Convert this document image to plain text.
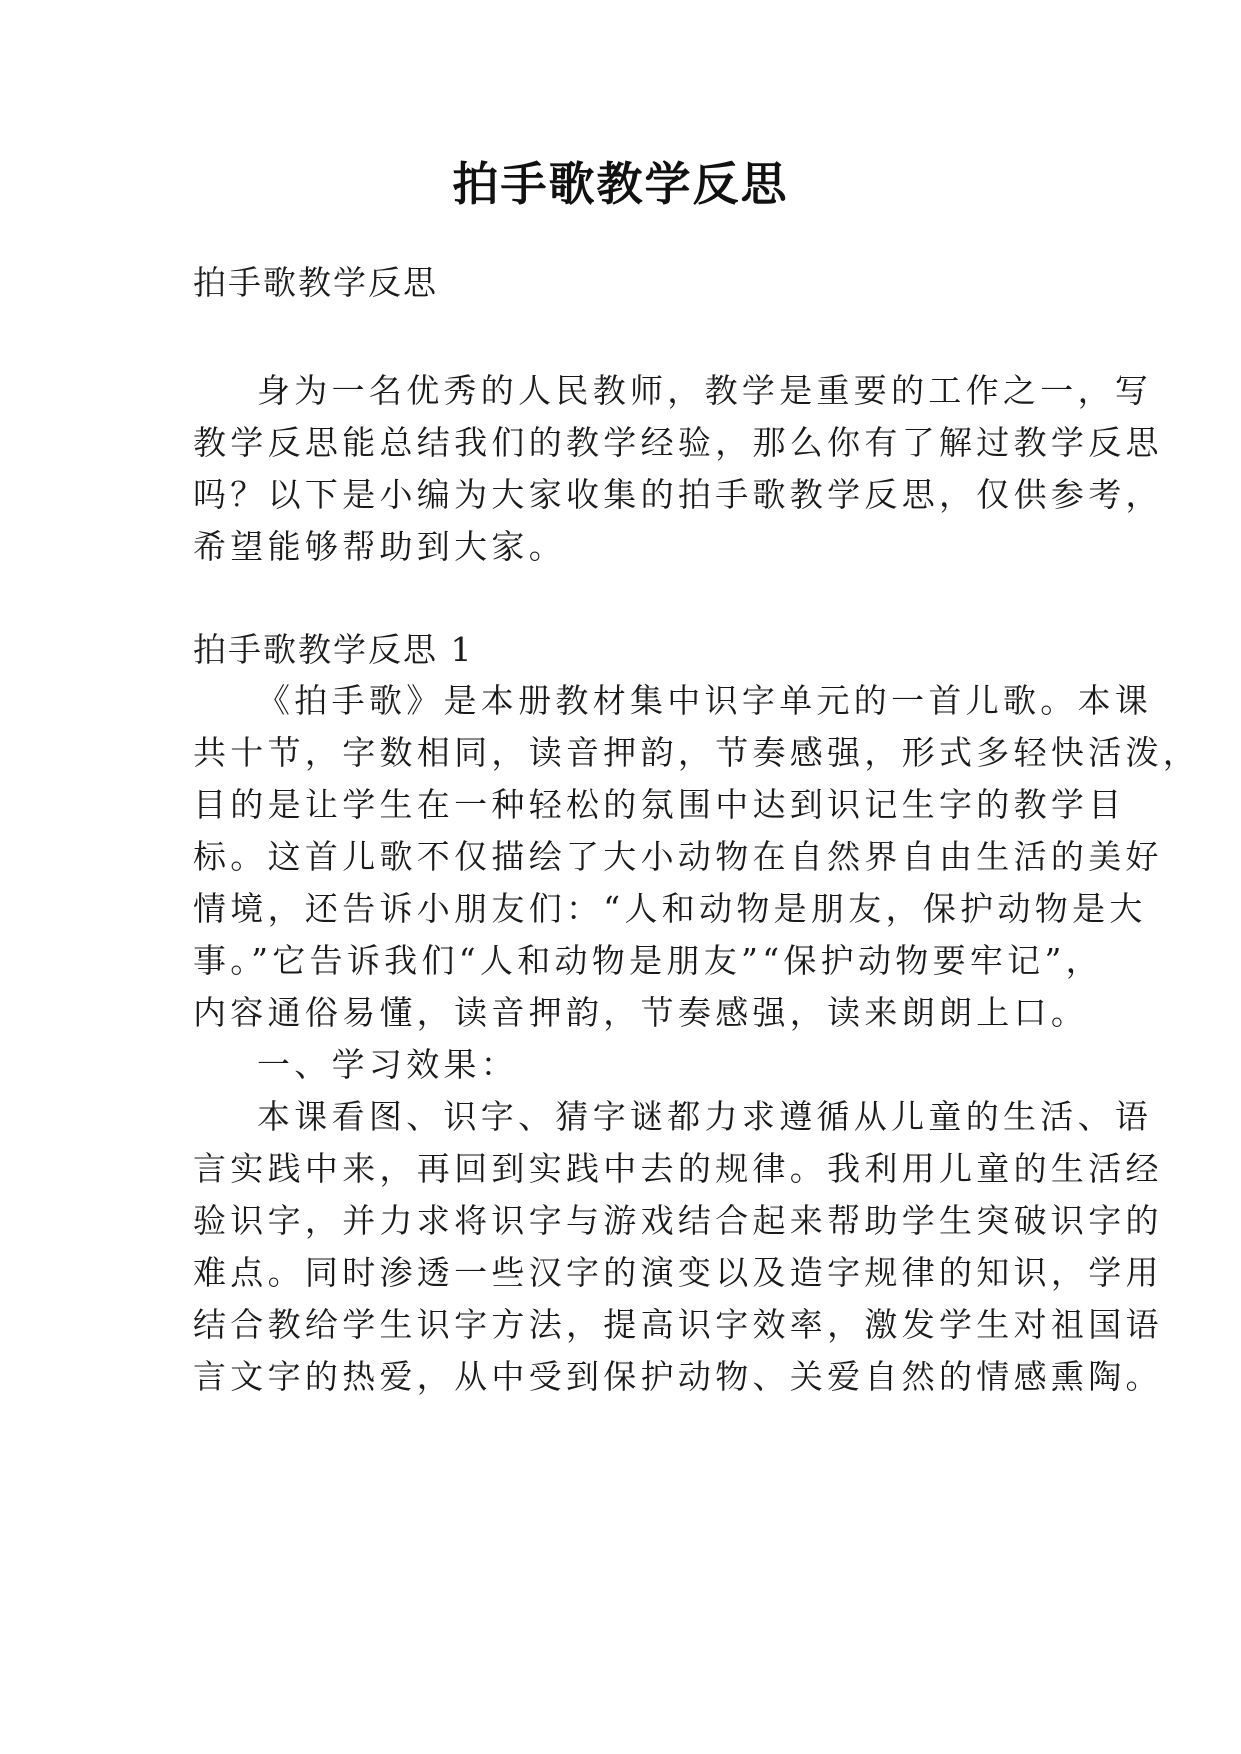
拍手歌教学反思

拍手歌教学反思

身为一名优秀的人民教师，教学是重要的工作之一，写

教学反思能总结我们的教学经验，那么你有了解过教学反思

吗？以下是小编为大家收集的拍手歌教学反思，仅供参考，

希望能够帮助到大家。

拍手歌教学反思 1

《拍手歌》是本册教材集中识字单元的一首儿歌。本课

共十节，字数相同，读音押韵，节奏感强，形式多轻快活泼，

目的是让学生在一种轻松的氛围中达到识记生字的教学目

标。这首儿歌不仅描绘了大小动物在自然界自由生活的美好

情境，还告诉小朋友们：“人和动物是朋友，保护动物是大

事。”它告诉我们“人和动物是朋友”“保护动物要牢记”，

内容通俗易懂，读音押韵，节奏感强，读来朗朗上口。

一、学习效果：

本课看图、识字、猜字谜都力求遵循从儿童的生活、语

言实践中来，再回到实践中去的规律。我利用儿童的生活经

验识字，并力求将识字与游戏结合起来帮助学生突破识字的

难点。同时渗透一些汉字的演变以及造字规律的知识，学用

结合教给学生识字方法，提高识字效率，激发学生对祖国语

言文字的热爱，从中受到保护动物、关爱自然的情感熏陶。
